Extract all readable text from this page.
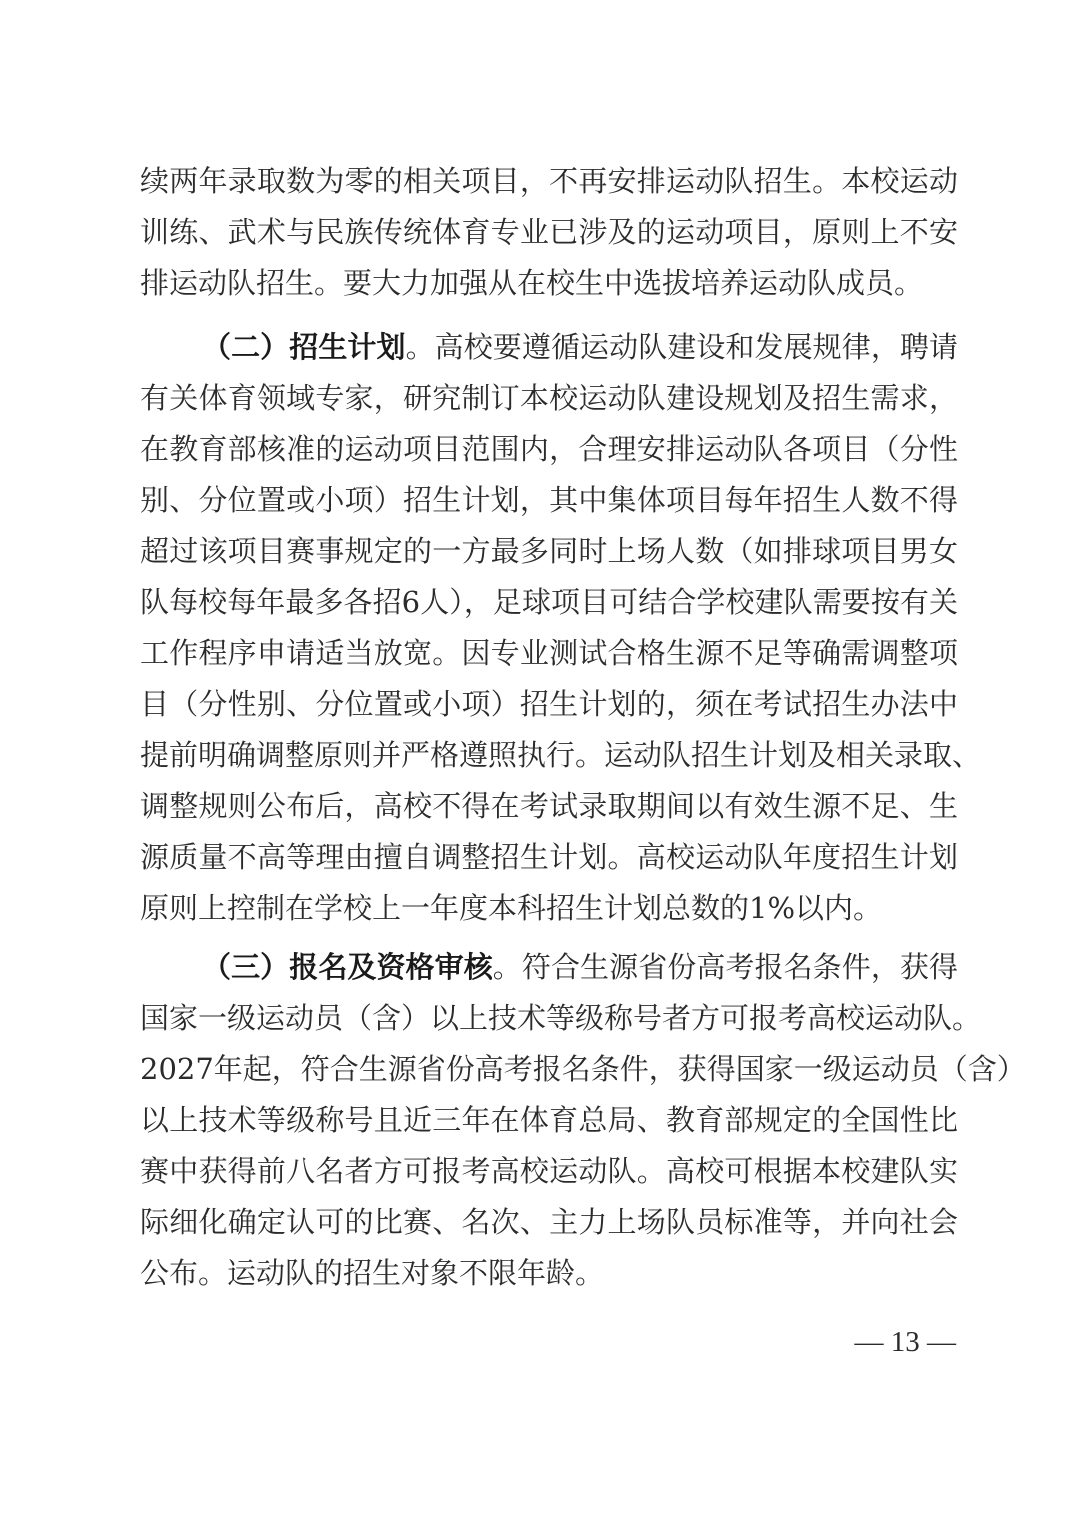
续两年录取数为零的相关项目，不再安排运动队招生。本校运动
训练、武术与民族传统体育专业已涉及的运动项目，原则上不安
排运动队招生。要大力加强从在校生中选拔培养运动队成员。
（二）招生计划。高校要遵循运动队建设和发展规律，聘请
有关体育领域专家，研究制订本校运动队建设规划及招生需求，
在教育部核准的运动项目范围内，合理安排运动队各项目（分性
别、分位置或小项）招生计划，其中集体项目每年招生人数不得
超过该项目赛事规定的一方最多同时上场人数（如排球项目男女
队每校每年最多各招6人），足球项目可结合学校建队需要按有关
工作程序申请适当放宽。因专业测试合格生源不足等确需调整项
目（分性别、分位置或小项）招生计划的，须在考试招生办法中
提前明确调整原则并严格遵照执行。运动队招生计划及相关录取、
调整规则公布后，高校不得在考试录取期间以有效生源不足、生
源质量不高等理由擅自调整招生计划。高校运动队年度招生计划
原则上控制在学校上一年度本科招生计划总数的1%以内。
（三）报名及资格审核。符合生源省份高考报名条件，获得
国家一级运动员（含）以上技术等级称号者方可报考高校运动队。
2027年起，符合生源省份高考报名条件，获得国家一级运动员（含）
以上技术等级称号且近三年在体育总局、教育部规定的全国性比
赛中获得前八名者方可报考高校运动队。高校可根据本校建队实
际细化确定认可的比赛、名次、主力上场队员标准等，并向社会
公布。运动队的招生对象不限年龄。
— 13 —
